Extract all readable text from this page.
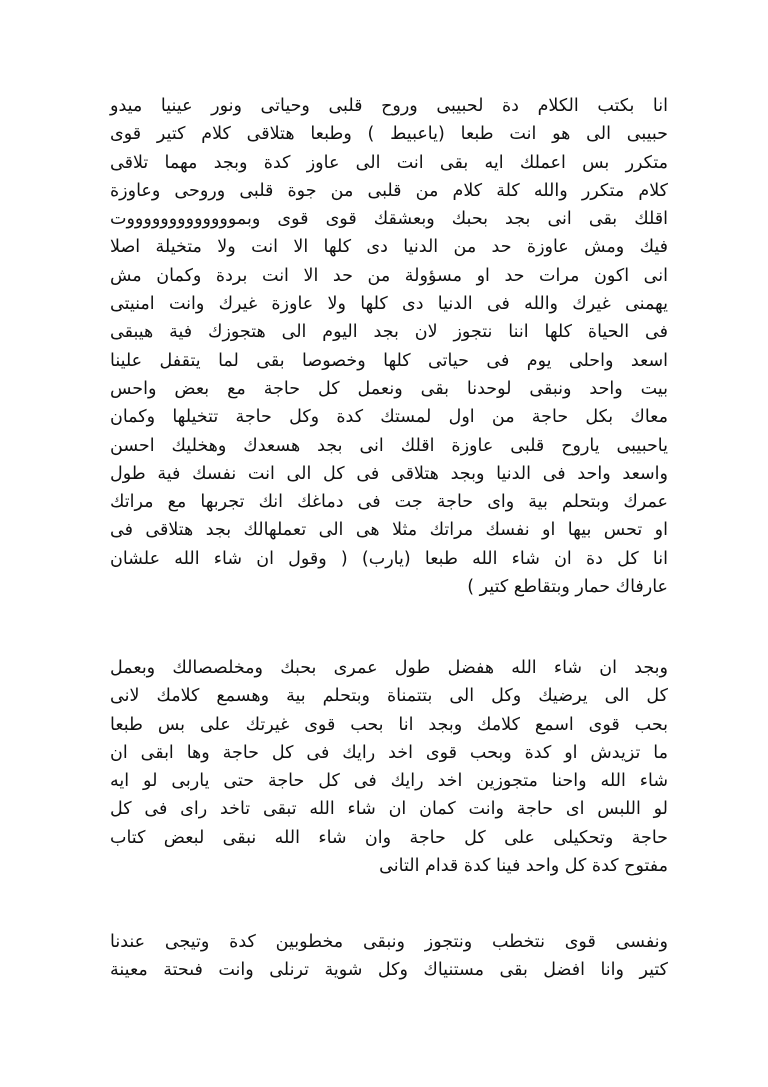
انا بكتب الكلام دة لحبيبى وروح قلبى وحياتى ونور عينيا ميدو
حبيبى الى هو انت طبعا (ياعبيط ) وطبعا هتلاقى كلام كتير قوى
متكرر بس اعملك ايه بقى انت الى عاوز كدة وبجد مهما تلاقى
كلام متكرر والله كلة كلام من قلبى من جوة قلبى وروحى وعاوزة
اقلك بقى انى بجد بحبك وبعشقك قوى قوى وبموووووووووووووت
فيك ومش عاوزة حد من الدنيا دى كلها الا انت ولا متخيلة اصلا
انى اكون مرات حد او مسؤولة من حد الا انت بردة وكمان مش
يهمنى غيرك والله فى الدنيا دى كلها ولا عاوزة غيرك وانت امنيتى
فى الحياة كلها اننا نتجوز لان بجد اليوم الى هتجوزك فية هيبقى
اسعد واحلى يوم فى حياتى كلها وخصوصا بقى لما يتقفل علينا
بيت واحد ونبقى لوحدنا بقى ونعمل كل حاجة مع بعض واحس
معاك بكل حاجة من اول لمستك كدة وكل حاجة تتخيلها وكمان
ياحبيبى ياروح قلبى عاوزة اقلك انى بجد هسعدك وهخليك احسن
واسعد واحد فى الدنيا وبجد هتلاقى فى كل الى انت نفسك فية طول
عمرك وبتحلم بية واى حاجة جت فى دماغك انك تجربها مع مراتك
او تحس بيها او نفسك مراتك مثلا هى الى تعملهالك بجد هتلاقى فى
انا كل دة ان شاء الله طبعا (يارب) ( وقول ان شاء الله علشان
عارفاك حمار وبتقاطع كتير )
وبجد ان شاء الله هفضل طول عمرى بحبك ومخلصصالك وبعمل
كل الى يرضيك وكل الى بتتمناة وبتحلم بية وهسمع كلامك لانى
بحب قوى اسمع كلامك وبجد انا بحب قوى غيرتك على بس طبعا
ما تزيدش او كدة وبحب قوى اخد رايك فى كل حاجة وها ابقى ان
شاء الله واحنا متجوزين اخد رايك فى كل حاجة حتى ياربى لو ايه
لو اللبس اى حاجة وانت كمان ان شاء الله تبقى تاخد راى فى كل
حاجة وتحكيلى على كل حاجة وان شاء الله نبقى لبعض كتاب
مفتوح كدة كل واحد فينا كدة قدام التانى
ونفسى قوى نتخطب ونتجوز ونبقى مخطوبين كدة وتيجى عندنا
كتير وانا افضل بقى مستنياك وكل شوية ترنلى وانت فىحتة معينة
